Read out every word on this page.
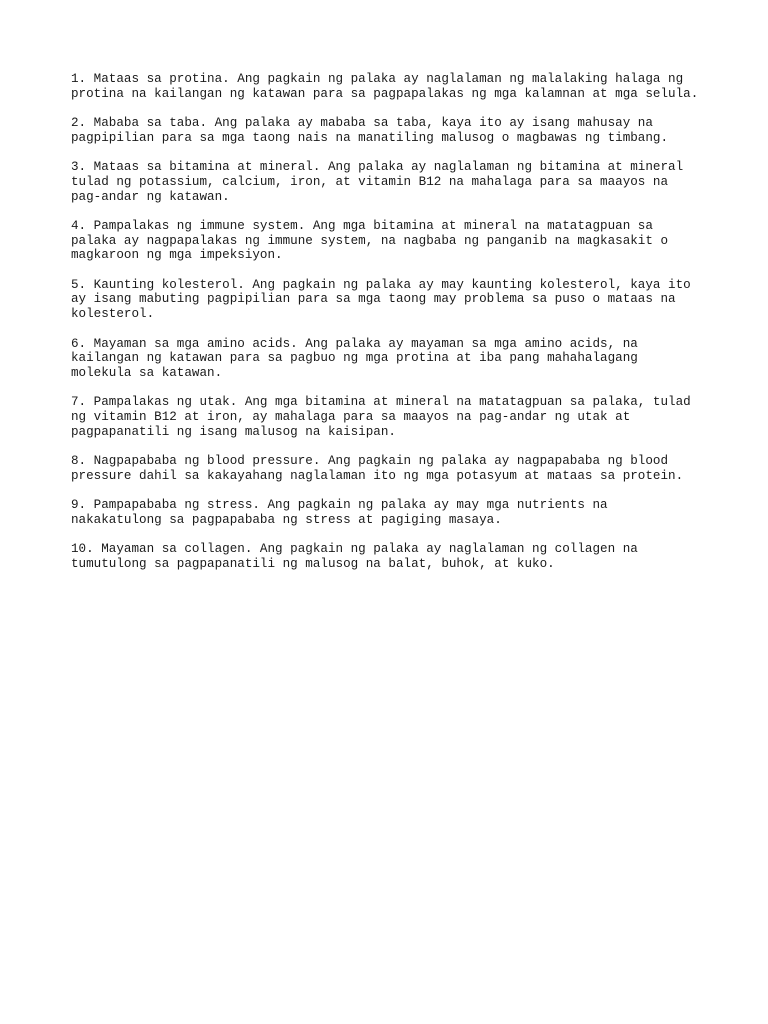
1. Mataas sa protina. Ang pagkain ng palaka ay naglalaman ng malalaking halaga ng
protina na kailangan ng katawan para sa pagpapalakas ng mga kalamnan at mga selula.
2. Mababa sa taba. Ang palaka ay mababa sa taba, kaya ito ay isang mahusay na
pagpipilian para sa mga taong nais na manatiling malusog o magbawas ng timbang.
3. Mataas sa bitamina at mineral. Ang palaka ay naglalaman ng bitamina at mineral
tulad ng potassium, calcium, iron, at vitamin B12 na mahalaga para sa maayos na
pag-andar ng katawan.
4. Pampalakas ng immune system. Ang mga bitamina at mineral na matatagpuan sa
palaka ay nagpapalakas ng immune system, na nagbaba ng panganib na magkasakit o
magkaroon ng mga impeksiyon.
5. Kaunting kolesterol. Ang pagkain ng palaka ay may kaunting kolesterol, kaya ito
ay isang mabuting pagpipilian para sa mga taong may problema sa puso o mataas na
kolesterol.
6. Mayaman sa mga amino acids. Ang palaka ay mayaman sa mga amino acids, na
kailangan ng katawan para sa pagbuo ng mga protina at iba pang mahahalagang
molekula sa katawan.
7. Pampalakas ng utak. Ang mga bitamina at mineral na matatagpuan sa palaka, tulad
ng vitamin B12 at iron, ay mahalaga para sa maayos na pag-andar ng utak at
pagpapanatili ng isang malusog na kaisipan.
8. Nagpapababa ng blood pressure. Ang pagkain ng palaka ay nagpapababa ng blood
pressure dahil sa kakayahang naglalaman ito ng mga potasyum at mataas sa protein.
9. Pampapababa ng stress. Ang pagkain ng palaka ay may mga nutrients na
nakakatulong sa pagpapababa ng stress at pagiging masaya.
10. Mayaman sa collagen. Ang pagkain ng palaka ay naglalaman ng collagen na
tumutulong sa pagpapanatili ng malusog na balat, buhok, at kuko.
